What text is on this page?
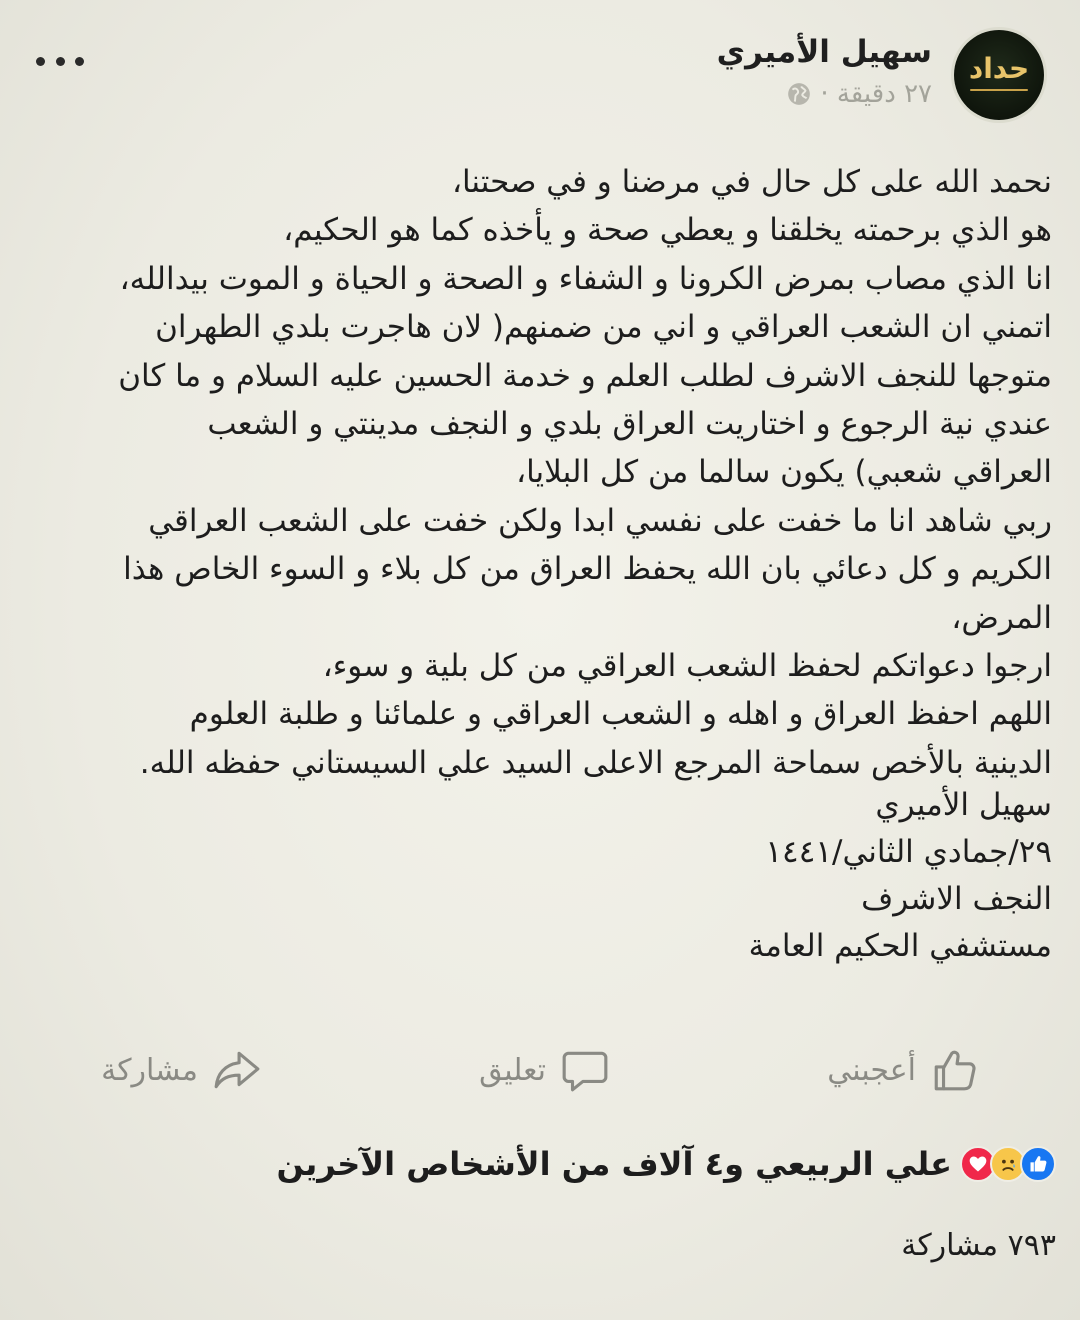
حداد
سهيل الأميري
٢٧ دقيقة ·
نحمد الله على كل حال في مرضنا و في صحتنا،
هو الذي برحمته يخلقنا و يعطي صحة و يأخذه كما هو الحكيم،
انا الذي مصاب بمرض الكرونا و الشفاء و الصحة و الحياة و الموت بيدالله،
اتمني ان الشعب العراقي و اني من ضمنهم( لان هاجرت بلدي الطهران
متوجها للنجف الاشرف لطلب العلم و خدمة الحسين عليه السلام و ما كان
عندي نية الرجوع و اختاريت العراق بلدي و النجف مدينتي و الشعب
العراقي شعبي) يكون سالما من كل البلايا،
ربي شاهد انا ما خفت على نفسي ابدا ولكن خفت على الشعب العراقي
الكريم و كل دعائي بان الله يحفظ العراق من كل بلاء و السوء الخاص هذا
المرض،
ارجوا دعواتكم لحفظ الشعب العراقي من كل بلية و سوء،
اللهم احفظ العراق و اهله و الشعب العراقي و علمائنا و طلبة العلوم
الدينية بالأخص سماحة المرجع الاعلى السيد علي السيستاني حفظه الله.
سهيل الأميري
٢٩/جمادي الثاني/١٤٤١
النجف الاشرف
مستشفي الحكيم العامة
أعجبني
تعليق
مشاركة
علي الربيعي و٤ آلاف من الأشخاص الآخرين
٧٩٣ مشاركة
